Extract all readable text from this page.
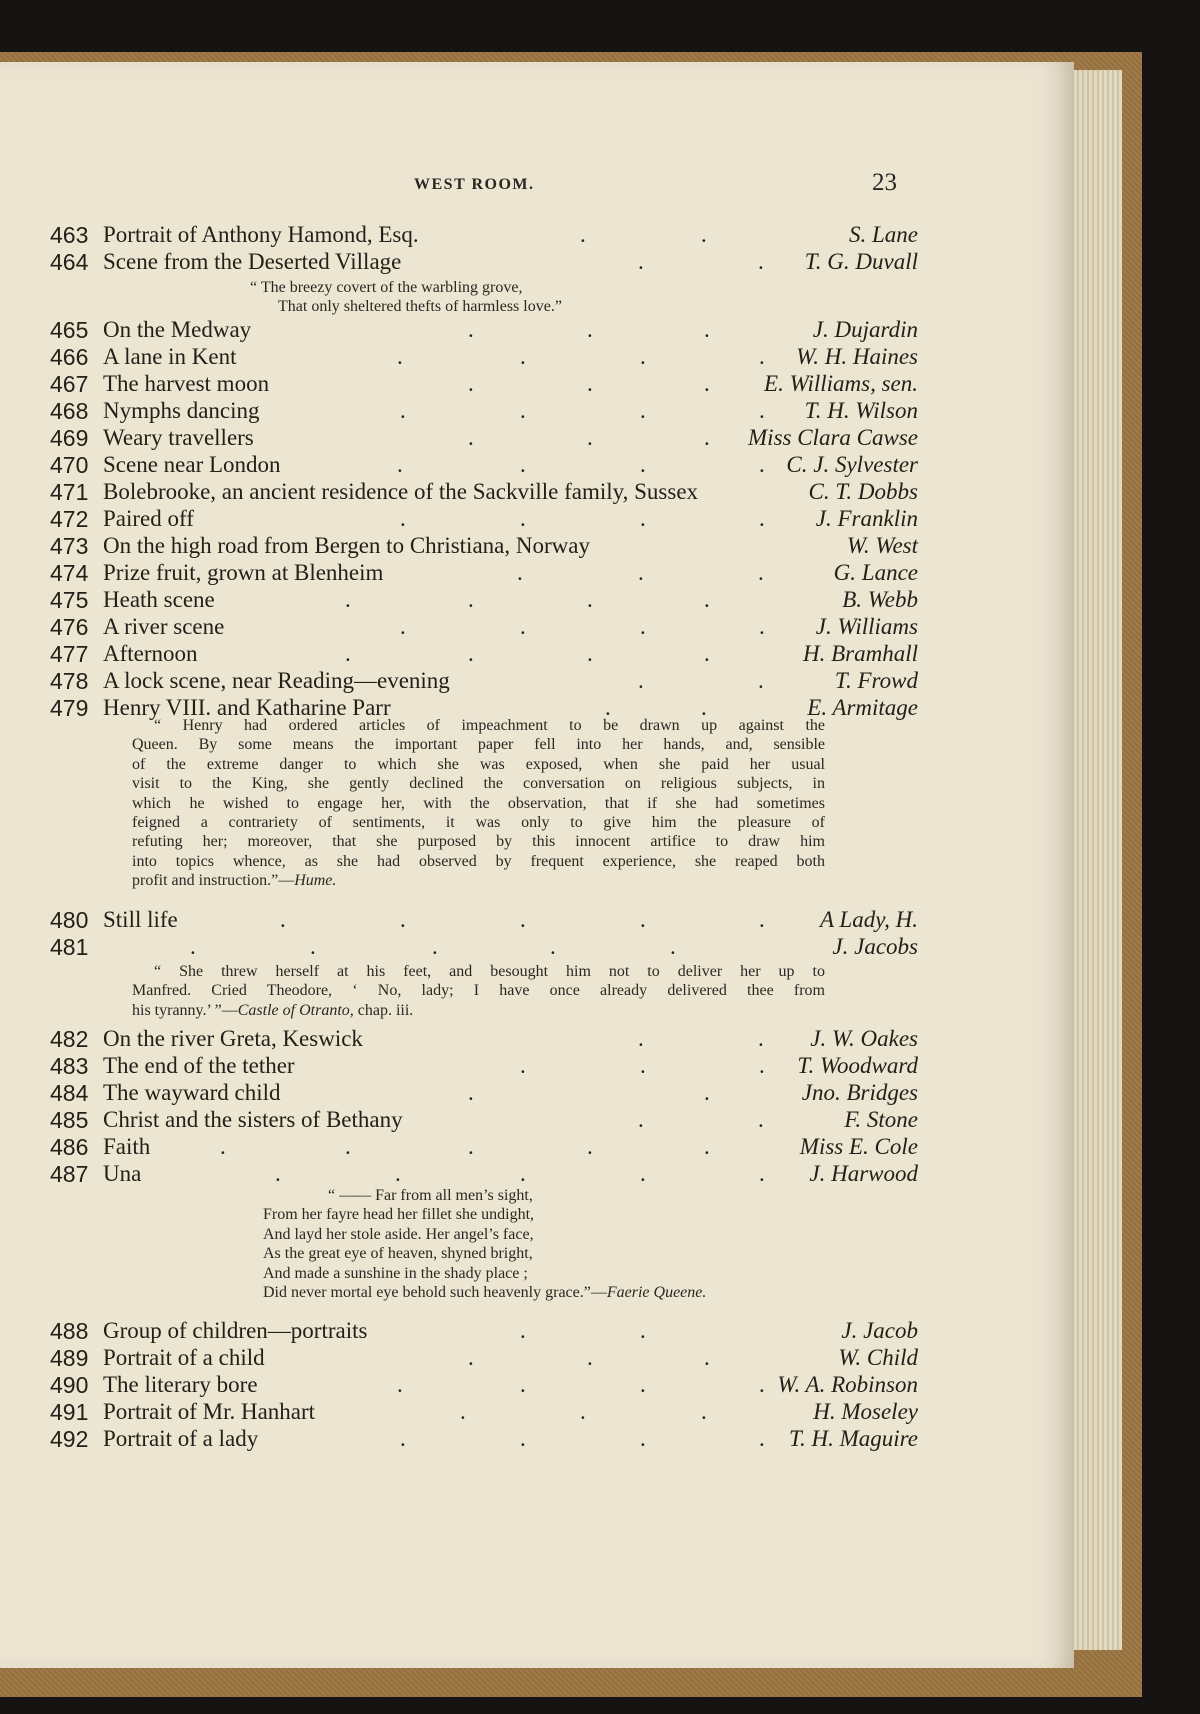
WEST ROOM.	23
.	.
463 Portrait of Anthony Hamond, Esq.	S. Lane
.	.
464 Scene from the Deserted Village	T. G. Duvall
.	.	.
465 On the Medway	J. Dujardin
.	.	.	.
466 A lane in Kent	W. H. Haines
.	.	.
467 The harvest moon	E. Williams, sen.
.	.	.	.
468 Nymphs dancing	T. H. Wilson
.	.	.
469 Weary travellers	Miss Clara Cawse
.	.	.	.
470 Scene near London	C. J. Sylvester
471 Bolebrooke, an ancient residence of the Sackville family, Sussex	C. T. Dobbs
.	.	.	.
472 Paired off	J. Franklin
473 On the high road from Bergen to Christiana, Norway	W. West
.	.	.
474 Prize fruit, grown at Blenheim	G. Lance
.	.	.	.
475 Heath scene	B. Webb
.	.	.	.
476 A river scene	J. Williams
.	.	.	.
477 Afternoon	H. Bramhall
.	.
478 A lock scene, near Reading—evening	T. Frowd
.	.
479 Henry VIII. and Katharine Parr	E. Armitage
.	.	.	.	.
480 Still life	A Lady, H.
.	.	.	.	.
481	J. Jacobs
.	.
482 On the river Greta, Keswick	J. W. Oakes
.	.	.
483 The end of the tether	T. Woodward
.	.
484 The wayward child	Jno. Bridges
.	.
485 Christ and the sisters of Bethany	F. Stone
.	.	.	.	.
486 Faith	Miss E. Cole
.	.	.	.	.
487 Una	J. Harwood
.	.
488 Group of children—portraits	J. Jacob
.	.	.
489 Portrait of a child	W. Child
.	.	.	.
490 The literary bore	W. A. Robinson
.	.	.
491 Portrait of Mr. Hanhart	H. Moseley
.	.	.	.
492 Portrait of a lady	T. H. Maguire

“ The breezy covert of the warbling grove,

That only sheltered thefts of harmless love.”

“ Henry had ordered articles of impeachment to be drawn up against the

Queen. By some means the important paper fell into her hands, and, sensible

of the extreme danger to which she was exposed, when she paid her usual

visit to the King, she gently declined the conversation on religious subjects, in

which he wished to engage her, with the observation, that if she had sometimes

feigned a contrariety of sentiments, it was only to give him the pleasure of

refuting her; moreover, that she purposed by this innocent artifice to draw him

into topics whence, as she had observed by frequent experience, she reaped both

profit and instruction.”—Hume.

“ She threw herself at his feet, and besought him not to deliver her up to

Manfred. Cried Theodore, ‘ No, lady; I have once already delivered thee from

his tyranny.’ ”—Castle of Otranto, chap. iii.

“ —— Far from all men’s sight,

From her fayre head her fillet she undight,

And layd her stole aside. Her angel’s face,

As the great eye of heaven, shyned bright,

And made a sunshine in the shady place ;

Did never mortal eye behold such heavenly grace.”—Faerie Queene.
